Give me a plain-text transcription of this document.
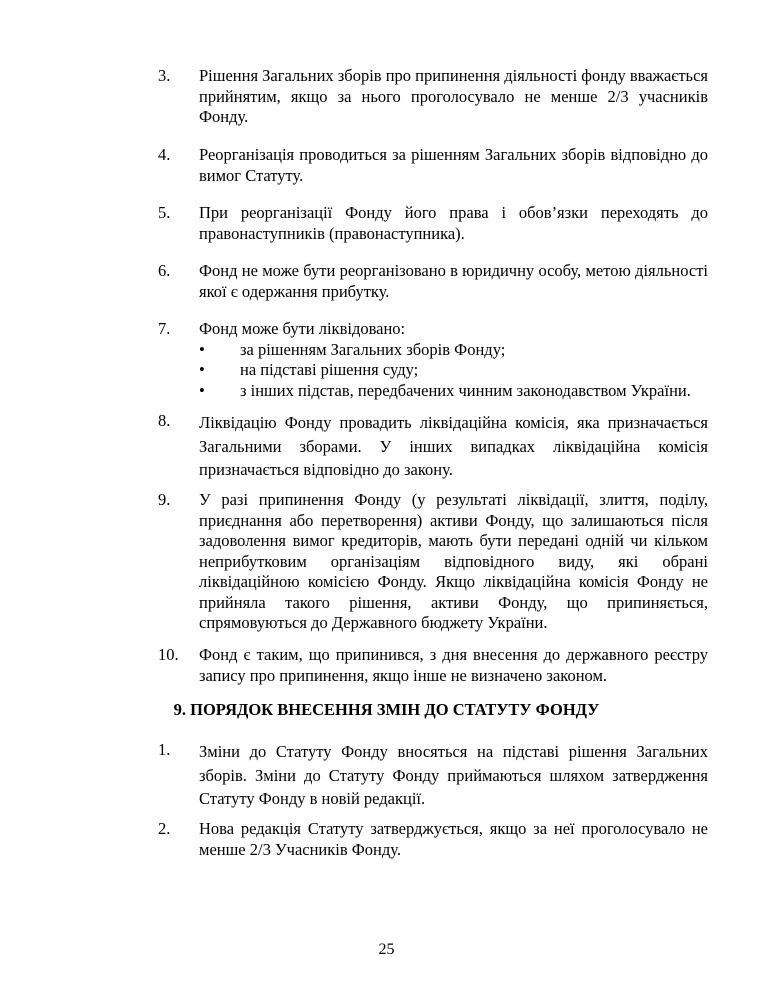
3.	Рішення Загальних зборів про припинення діяльності фонду вважається
прийнятим, якщо за нього проголосувало не менше 2/3 учасників
Фонду.
4.	Реорганізація проводиться за рішенням Загальних зборів відповідно до
вимог Статуту.
5.	При реорганізації Фонду його права і обов’язки переходять до
правонаступників (правонаступника).
6.	Фонд не може бути реорганізовано в юридичну особу, метою діяльності
якої є одержання прибутку.
7.	Фонд може бути ліквідовано:
• за рішенням Загальних зборів Фонду;
• на підставі рішення суду;
• з інших підстав, передбачених чинним законодавством України.
8.	Ліквідацію Фонду провадить ліквідаційна комісія, яка призначається
Загальними зборами. У інших випадках ліквідаційна комісія
призначається відповідно до закону.
9.	У разі припинення Фонду (у результаті ліквідації, злиття, поділу,
приєднання або перетворення) активи Фонду, що залишаються після
задоволення вимог кредиторів, мають бути передані одній чи кільком
неприбутковим організаціям відповідного виду, які обрані
ліквідаційною комісією Фонду. Якщо ліквідаційна комісія Фонду не
прийняла такого рішення, активи Фонду, що припиняється,
спрямовуються до Державного бюджету України.
10.	Фонд є таким, що припинився, з дня внесення до державного реєстру
запису про припинення, якщо інше не визначено законом.
9. ПОРЯДОК ВНЕСЕННЯ ЗМІН ДО СТАТУТУ ФОНДУ
1.	Зміни до Статуту Фонду вносяться на підставі рішення Загальних
зборів. Зміни до Статуту Фонду приймаються шляхом затвердження
Статуту Фонду в новій редакції.
2.	Нова редакція Статуту затверджується, якщо за неї проголосувало не
менше 2/3 Учасників Фонду.
25
